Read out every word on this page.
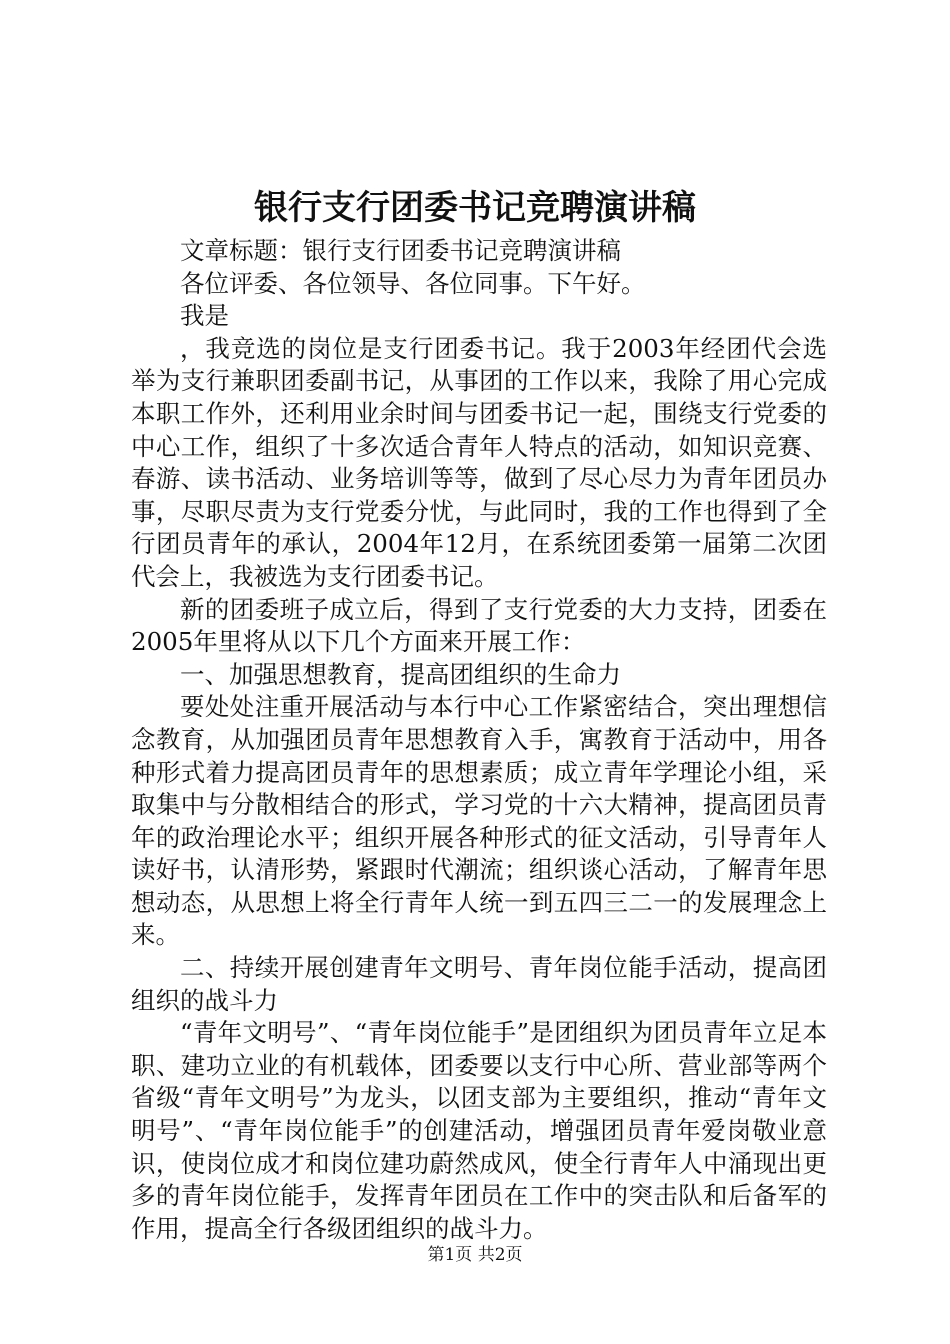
银行支行团委书记竞聘演讲稿

文章标题：银行支行团委书记竞聘演讲稿

各位评委、各位领导、各位同事。下午好。

我是

，我竞选的岗位是支行团委书记。我于2003年经团代会选举为支行兼职团委副书记，从事团的工作以来，我除了用心完成本职工作外，还利用业余时间与团委书记一起，围绕支行党委的中心工作，组织了十多次适合青年人特点的活动，如知识竞赛、春游、读书活动、业务培训等等，做到了尽心尽力为青年团员办事，尽职尽责为支行党委分忧，与此同时，我的工作也得到了全行团员青年的承认，2004年12月，在系统团委第一届第二次团代会上，我被选为支行团委书记。

新的团委班子成立后，得到了支行党委的大力支持，团委在2005年里将从以下几个方面来开展工作：

一、加强思想教育，提高团组织的生命力

要处处注重开展活动与本行中心工作紧密结合，突出理想信念教育，从加强团员青年思想教育入手，寓教育于活动中，用各种形式着力提高团员青年的思想素质；成立青年学理论小组，采取集中与分散相结合的形式，学习党的十六大精神，提高团员青年的政治理论水平；组织开展各种形式的征文活动，引导青年人读好书，认清形势，紧跟时代潮流；组织谈心活动，了解青年思想动态，从思想上将全行青年人统一到五四三二一的发展理念上来。

二、持续开展创建青年文明号、青年岗位能手活动，提高团组织的战斗力

“青年文明号”、“青年岗位能手”是团组织为团员青年立足本职、建功立业的有机载体，团委要以支行中心所、营业部等两个省级“青年文明号”为龙头，以团支部为主要组织，推动“青年文明号”、“青年岗位能手”的创建活动，增强团员青年爱岗敬业意识，使岗位成才和岗位建功蔚然成风，使全行青年人中涌现出更多的青年岗位能手，发挥青年团员在工作中的突击队和后备军的作用，提高全行各级团组织的战斗力。

第1页 共2页
